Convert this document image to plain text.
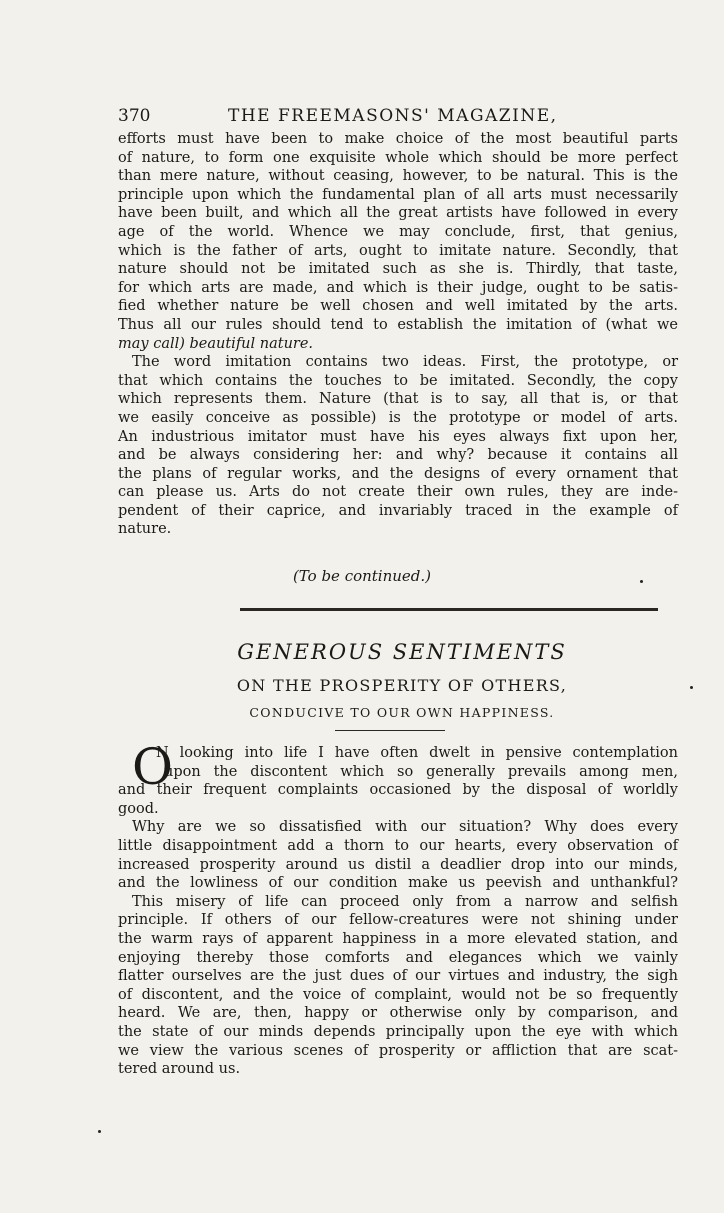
370	THE FREEMASONS' MAGAZINE,
efforts must have been to make choice of the most beautiful parts
of nature, to form one exquisite whole which should be more perfect
than mere nature, without ceasing, however, to be natural. This is the
principle upon which the fundamental plan of all arts must necessarily
have been built, and which all the great artists have followed in every
age of the world. Whence we may conclude, first, that genius,
which is the father of arts, ought to imitate nature. Secondly, that
nature should not be imitated such as she is. Thirdly, that taste,
for which arts are made, and which is their judge, ought to be satis-
fied whether nature be well chosen and well imitated by the arts.
Thus all our rules should tend to establish the imitation of (what we
may call) beautiful nature.
The word imitation contains two ideas. First, the prototype, or
that which contains the touches to be imitated. Secondly, the copy
which represents them. Nature (that is to say, all that is, or that
we easily conceive as possible) is the prototype or model of arts.
An industrious imitator must have his eyes always fixt upon her,
and be always considering her: and why? because it contains all
the plans of regular works, and the designs of every ornament that
can please us. Arts do not create their own rules, they are inde-
pendent of their caprice, and invariably traced in the example of
nature.
(To be continued.)
GENEROUS SENTIMENTS
ON THE PROSPERITY OF OTHERS,
CONDUCIVE TO OUR OWN HAPPINESS.
O
N looking into life I have often dwelt in pensive contemplation
upon the discontent which so generally prevails among men,
and their frequent complaints occasioned by the disposal of worldly
good.
Why are we so dissatisfied with our situation? Why does every
little disappointment add a thorn to our hearts, every observation of
increased prosperity around us distil a deadlier drop into our minds,
and the lowliness of our condition make us peevish and unthankful?
This misery of life can proceed only from a narrow and selfish
principle. If others of our fellow-creatures were not shining under
the warm rays of apparent happiness in a more elevated station, and
enjoying thereby those comforts and elegances which we vainly
flatter ourselves are the just dues of our virtues and industry, the sigh
of discontent, and the voice of complaint, would not be so frequently
heard. We are, then, happy or otherwise only by comparison, and
the state of our minds depends principally upon the eye with which
we view the various scenes of prosperity or affliction that are scat-
tered around us.
